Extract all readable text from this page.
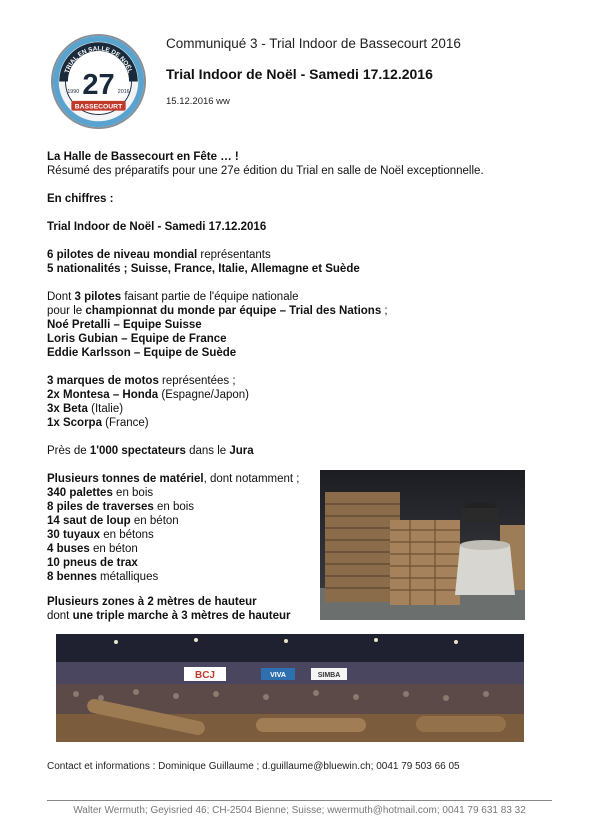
TRIAL EN SALLE DE NOËL
27
1990	2016
BASSECOURT
Communiqué 3 - Trial Indoor de Bassecourt 2016
Trial Indoor de Noël - Samedi 17.12.2016
15.12.2016 ww

La Halle de Bassecourt en Fête … !

Résumé des préparatifs pour une 27e édition du Trial en salle de Noël exceptionnelle.

En chiffres :

Trial Indoor de Noël - Samedi 17.12.2016

6 pilotes de niveau mondial représentants

5 nationalités ; Suisse, France, Italie, Allemagne et Suède

Dont 3 pilotes faisant partie de l'équipe nationale

pour le championnat du monde par équipe – Trial des Nations ;

Noé Pretalli – Equipe Suisse

Loris Gubian – Equipe de France

Eddie Karlsson – Equipe de Suède

3 marques de motos représentées ;

2x Montesa – Honda (Espagne/Japon)

3x Beta (Italie)

1x Scorpa (France)

Près de 1'000 spectateurs dans le Jura

Plusieurs tonnes de matériel, dont notamment ;

340 palettes en bois

8 piles de traverses en bois

14 saut de loup en béton

30 tuyaux en bétons

4 buses en béton

10 pneus de trax

8 bennes métalliques

Plusieurs zones à 2 mètres de hauteur

dont une triple marche à 3 mètres de hauteur

BCJ	VIVA	SIMBA
Contact et informations : Dominique Guillaume ; d.guillaume@bluewin.ch; 0041 79 503 66 05
Walter Wermuth; Geyisried 46; CH-2504 Bienne; Suisse; wwermuth@hotmail.com; 0041 79 631 83 32
